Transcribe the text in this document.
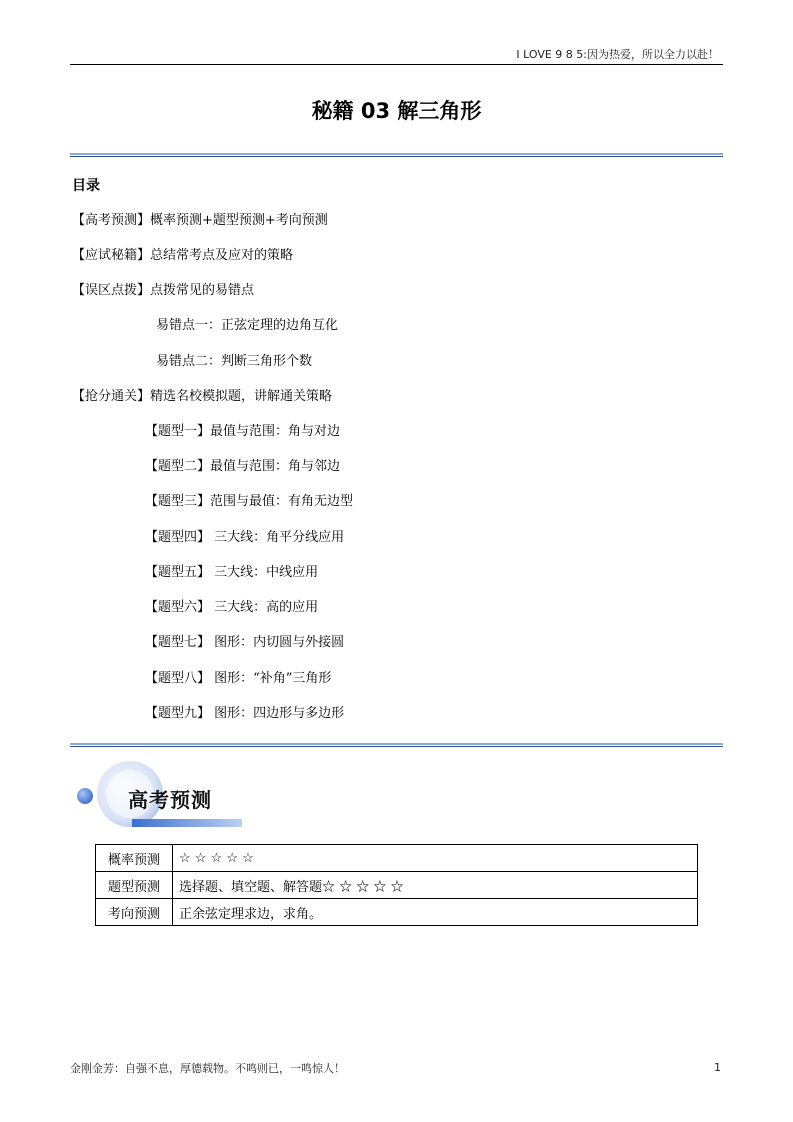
I LOVE 9 8 5:因为热爱，所以全力以赴！
秘籍 03 解三角形
目录
【高考预测】概率预测+题型预测+考向预测
【应试秘籍】总结常考点及应对的策略
【误区点拨】点拨常见的易错点
易错点一：正弦定理的边角互化
易错点二：判断三角形个数
【抢分通关】精选名校模拟题，讲解通关策略
【题型一】最值与范围：角与对边
【题型二】最值与范围：角与邻边
【题型三】范围与最值：有角无边型
【题型四】 三大线：角平分线应用
【题型五】 三大线：中线应用
【题型六】 三大线：高的应用
【题型七】 图形：内切圆与外接圆
【题型八】 图形：“补角”三角形
【题型九】 图形：四边形与多边形
高考预测
概率预测	☆ ☆ ☆ ☆ ☆
题型预测	选择题、填空题、解答题☆ ☆ ☆ ☆ ☆
考向预测	正余弦定理求边，求角。
金刚金芳：自强不息，厚德载物。不鸣则已，一鸣惊人！	1
